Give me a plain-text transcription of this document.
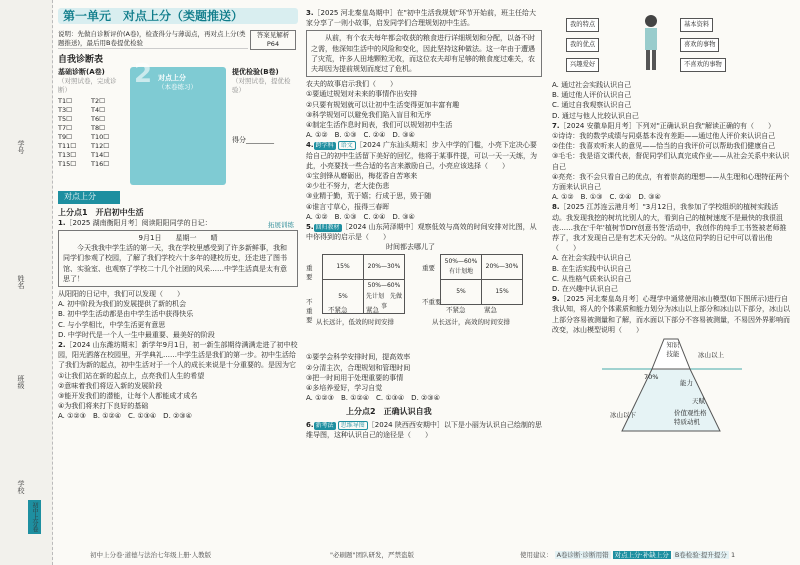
学号
姓名
班级
学校
初中上分卷
第一单元　对点上分（类题推送）
说明：先做自诊断评价(A卷)，检查得分与薄弱点，再对点上分(类题推送)，最后用B卷提优检验
答案见解析
P64
自我诊断表
基础诊断(A卷)
（对照试卷，完成诊断）
T1☐	T2☐
T3☐	T4☐
T5☐	T6☐
T7☐	T8☐
T9☐	T10☐
T11☐	T12☐
T13☐	T14☐
T15☐	T16☐
2 对点上分
（本卷练习）
提优检验(B卷)
（对照试卷，提优检验）
得分________
对点上分
拓展训练
上分点1　开启初中生活

1.［2025 湖南衡阳月考］阅读阳阳同学的日记：

9月1日　　星期一　　晴

今天我我中学生活的第一天，我在学校里感受到了许多新鲜事，我和同学们参观了校园，了解了我们学校六十多年的建校历史，还走进了图书馆、实验室、也观察了学校二十几个社团的风采……中学生活真是太有意思了！

从阳阳的日记中，我们可以发现（　　）

A. 初中阶段为我们的发展提供了新的机会

B. 初中学生活动都是由中学生活中获得快乐

C. 与小学相比，中学生活更有意思

D. 中学时代是一个人一生中最重要、最美好的阶段

2.［2024 山东潍坊期末］新学年9月1日，初一新生部期待满满走进了初中校园，阳光洒落在校园里，开学典礼……中学生活是我们的第一步。初中生活给了我们为新的起点，初中生活对于一个人的成长来说是十分重要的。是因为它

①让我们站在新的起点上，点亮我们人生的希望

②意味着我们将迈入新的发展阶段

③能开发我们的潜能，让每个人都能成才成名

④为我们将来打下良好的基础

A. ①②③　B. ①②④　C. ①③④　D. ②③④

3.［2025 河北秦皇岛期中］在"初中生活我规划"环节开始前，班主任给大家分享了一则小故事，启发同学们合理规划初中生活。

从前，有个农夫每年都会收获的粮食进行详细规划和分配，以备不时之需，他深知生活中的风险和变化，因此坚持这种做法。这一年由于遭遇了灾荒，许多人田地颗粒无收，而这位农夫却有足够的粮食度过难关，农夫却因为提前规划而度过了危机。

农夫的故事启示我们（　　）

①要通过规划对未来的事情作出安排

②只要有规划就可以让初中生活变得更加丰富有趣

③科学规划可以避免我们陷入盲目和无序

④制定生活作息时间表，我们可以规划初中生活

A. ①②　B. ①③　C. ②④　D. ③④

4. 跨学科 语文 ［2024 广东汕头期末］步入中学的门槛，小亮下定决心要给自己的初中生活留下美好的回忆，他将于某事件提，可以一天一天练，为此，小亮要找一些合适的名言来激励自己，小亮应该选择（　　）

①宝剑锋从磨砺出，梅花香自苦寒来

②少壮不努力，老大徒伤悲

③业精于勤，荒于嬉；行成于思，毁于随

④谁言寸草心，报得三春晖

A. ①②　B. ①③　C. ②④　D. ③④

5. 回归教材 ［2024 山东菏泽期中］观察低效与高效的时间安排对比图，从中你得到的启示是（　　）

时间都去哪儿了
重要
不重要
15%	20%—30%
5%	50%—60%
先计划　先做事
不紧急	紧急
从长远计，低效的时间安排
重要
不重要
50%—60% 有计划地	20%—30%
5%	15%
不紧急	紧急
从长远计，高效的时间安排

①要学会科学安排时间，提高效率

②分清主次，合理规划和管理时间

③把一时间用于处理重要的事情

④多培养爱好，学习自觉

A. ①②③　B. ①②④　C. ①③④　D. ②③④

上分点2　正确认识自我

6. 新考法 思维导图 ［2024 陕西西安期中］以下是小丽为认识自己绘制的思维导图，这种认识自己的途径是（　　）

我的特点
我的优点
兴趣爱好
基本资料
喜欢的事物
不喜欢的事物

A. 通过社会实践认识自己

B. 通过他人评价认识自己

C. 通过自我观察认识自己

D. 通过与他人比较认识自己

7.［2024 安徽阜阳月考］下列对"正确认识自我"解读正确的有（　　）

①诗诗：我的数学成绩与同桌基本没有差距——通过他人评价来认识自己

②佳佳：我喜欢听来人的意见——恰当的自我评价可以帮助我们健康自己

③毛毛：我是语文课代表，督促同学们认真完成作业——从社会关系中来认识自己

④亮亮：我不会只看自己的优点，有着崇高的理想——从生理和心理特征两个方面来认识自己

A. ①②　B. ①③　C. ②④　D. ③④

8.［2025 江苏连云港月考］"3月12日，我参加了学校组织的植树实践活动。我发现我挖的树坑比别人的大，看到自己的植树速度不是最快的我很沮丧……我在'千年'植树节DIY创意书签'活动中，我创作的纯手工书签被老师推荐了，我才发现自己是有艺术天分的。"从这位同学的日记中可以看出他（　　）

A. 在社会实践中认识自己

B. 在生活实践中认识自己

C. 从性格气质来认识自己

D. 在兴趣中认识自己

9.［2025 河北秦皇岛月考］心理学中通常使用冰山模型(如下图所示)进行自我认知，将人的个体素质和能力划分为冰山以上部分和冰山以下部分，冰山以上部分容易被测量和了解，而水面以下部分不容易被测量，不易因外界影响而改变，冰山模型说明（　　）

知识技能	冰山以上
70%
能力
天赋
冰山以下	价值观性格特质动机
初中上分卷·道德与法治七年级上册·人教版	"必刷题"团队研发，严禁盗版	使用建议： A卷诊断·诊断用错 对点上分·补缺上分 B卷检验·提升提分 1
